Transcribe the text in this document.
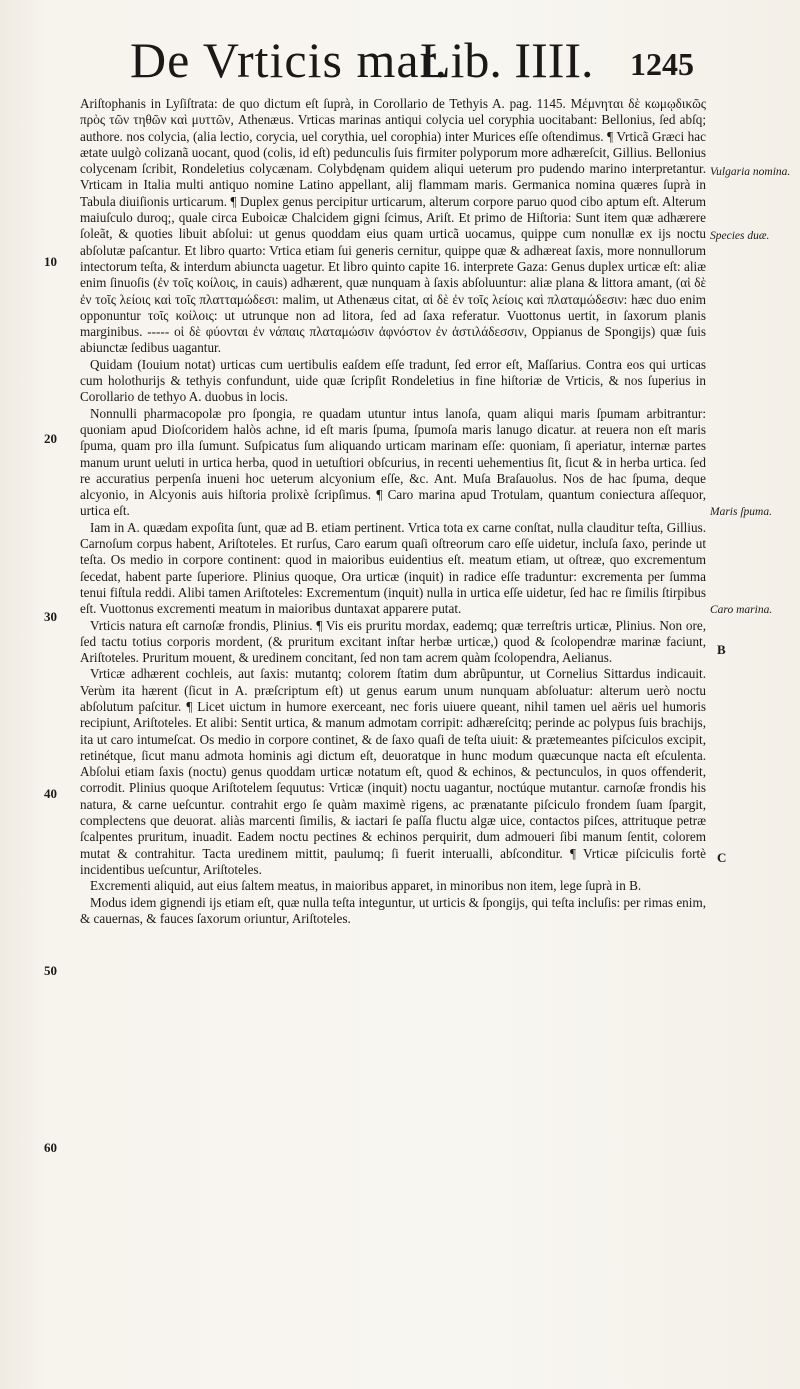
De Vrticis mar.
Lib. IIII. 1245

Ariſtophanis in Lyſiſtrata: de quo dictum eſt ſuprà, in Corollario de Tethyis A. pag. 1145. Μέμνηται δὲ κωμῳδικῶς πρὸς τῶν τηθῶν καὶ μυττῶν, Athenæus. Vrticas marinas antiqui colycia uel coryphia uocitabant: Bellonius, ſed abſq; authore. nos colycia, (alia lectio, corycia, uel corythia, uel corophia) inter Murices eſſe oſtendimus. ¶ Vrticã Græci hac ætate uulgò colizanã uocant, quod (colis, id eſt) pedunculis ſuis firmiter polyporum more adhæreſcit, Gillius. Bellonius colycenam ſcribit, Rondeletius colycænam. Colybdęnam quidem aliqui ueterum pro pudendo marino interpretantur. Vrticam in Italia multi antiquo nomine Latino appellant, alij flammam maris. Germanica nomina quæres ſuprà in Tabula diuiſionis urticarum. ¶ Duplex genus percipitur urticarum, alterum corpore paruo quod cibo aptum eſt. Alterum maiuſculo duroq;, quale circa Euboicæ Chalcidem gigni ſcimus, Ariſt. Et primo de Hiſtoria: Sunt item quæ adhærere ſoleãt, & quoties libuit abſolui: ut genus quoddam eius quam urticã uocamus, quippe cum nonullæ ex ijs noctu abſolutæ paſcantur. Et libro quarto: Vrtica etiam ſui generis cernitur, quippe quæ & adhæreat ſaxis, more nonnullorum intectorum teſta, & interdum abiuncta uagetur. Et libro quinto capite 16. interprete Gaza: Genus duplex urticæ eſt: aliæ enim ſinuoſis (ἐν τοῖς κοίλοις, in cauis) adhærent, quæ nunquam à ſaxis abſoluuntur: aliæ plana & littora amant, (αἱ δὲ ἐν τοῖς λείοις καὶ τοῖς πλατταμώδεσι: malim, ut Athenæus citat, αἱ δὲ ἐν τοῖς λείοις καὶ πλαταμώδεσιν: hæc duo enim opponuntur τοῖς κοίλοις: ut utrunque non ad litora, ſed ad ſaxa referatur. Vuottonus uertit, in ſaxorum planis marginibus. ----- οἱ δὲ φύονται ἐν νάπαις πλαταμώσιν ἀφνόστον ἐν ἀστιλάδεσσιν, Oppianus de Spongijs) quæ ſuis abiunctæ ſedibus uagantur.

Quidam (Iouium notat) urticas cum uertibulis eaſdem eſſe tradunt, ſed error eſt, Maſſarius. Contra eos qui urticas cum holothurijs & tethyis confundunt, uide quæ ſcripſit Rondeletius in fine hiſtoriæ de Vrticis, & nos ſuperius in Corollario de tethyo A. duobus in locis.

Nonnulli pharmacopolæ pro ſpongia, re quadam utuntur intus lanoſa, quam aliqui maris ſpumam arbitrantur: quoniam apud Dioſcoridem halòs achne, id eſt maris ſpuma, ſpumoſa maris lanugo dicatur. at reuera non eſt maris ſpuma, quam pro illa ſumunt. Suſpicatus ſum aliquando urticam marinam eſſe: quoniam, ſi aperiatur, internæ partes manum urunt ueluti in urtica herba, quod in uetuſtiori obſcurius, in recenti uehementius ſit, ſicut & in herba urtica. ſed re accuratius perpenſa inueni hoc ueterum alcyonium eſſe, &c. Ant. Muſa Braſauolus. Nos de hac ſpuma, deque alcyonio, in Alcyonis auis hiſtoria prolixè ſcripſimus. ¶ Caro marina apud Trotulam, quantum coniectura aſſequor, urtica eſt.

Iam in A. quædam expoſita ſunt, quæ ad B. etiam pertinent. Vrtica tota ex carne conſtat, nulla clauditur teſta, Gillius. Carnoſum corpus habent, Ariſtoteles. Et rurſus, Caro earum quaſi oſtreorum caro eſſe uidetur, incluſa ſaxo, perinde ut teſta. Os medio in corpore continent: quod in maioribus euidentius eſt. meatum etiam, ut oſtreæ, quo excrementum ſecedat, habent parte ſuperiore. Plinius quoque, Ora urticæ (inquit) in radice eſſe traduntur: excrementa per ſumma tenui fiſtula reddi. Alibi tamen Ariſtoteles: Excrementum (inquit) nulla in urtica eſſe uidetur, ſed hac re ſimilis ſtirpibus eſt. Vuottonus excrementi meatum in maioribus duntaxat apparere putat.

Vrticis natura eſt carnoſæ frondis, Plinius. ¶ Vis eis pruritu mordax, eademq; quæ terreſtris urticæ, Plinius. Non ore, ſed tactu totius corporis mordent, (& pruritum excitant inſtar herbæ urticæ,) quod & ſcolopendræ marinæ faciunt, Ariſtoteles. Pruritum mouent, & uredinem concitant, ſed non tam acrem quàm ſcolopendra, Aelianus.

Vrticæ adhærent cochleis, aut ſaxis: mutantq; colorem ſtatim dum abrũpuntur, ut Cornelius Sittardus indicauit. Verùm ita hærent (ſicut in A. præſcriptum eſt) ut genus earum unum nunquam abſoluatur: alterum uerò noctu abſolutum paſcitur. ¶ Licet uictum in humore exerceant, nec foris uiuere queant, nihil tamen uel aëris uel humoris recipiunt, Ariſtoteles. Et alibi: Sentit urtica, & manum admotam corripit: adhæreſcitq; perinde ac polypus ſuis brachijs, ita ut caro intumeſcat. Os medio in corpore continet, & de ſaxo quaſi de teſta uiuit: & prætemeantes piſciculos excipit, retinétque, ſicut manu admota hominis agi dictum eſt, deuoratque in hunc modum quæcunque nacta eſt eſculenta. Abſolui etiam ſaxis (noctu) genus quoddam urticæ notatum eſt, quod & echinos, & pectunculos, in quos offenderit, corrodit. Plinius quoque Ariſtotelem ſequutus: Vrticæ (inquit) noctu uagantur, noctúque mutantur. carnoſæ frondis his natura, & carne ueſcuntur. contrahit ergo ſe quàm maximè rigens, ac prænatante piſciculo frondem ſuam ſpargit, complectens que deuorat. aliàs marcenti ſimilis, & iactari ſe paſſa fluctu algæ uice, contactos piſces, attrituque petræ ſcalpentes pruritum, inuadit. Eadem noctu pectines & echinos perquirit, dum admoueri ſibi manum ſentit, colorem mutat & contrahitur. Tacta uredinem mittit, paulumq; ſi fuerit interualli, abſconditur. ¶ Vrticæ piſciculis fortè incidentibus ueſcuntur, Ariſtoteles.

Excrementi aliquid, aut eius ſaltem meatus, in maioribus apparet, in minoribus non item, lege ſuprà in B.

Modus idem gignendi ijs etiam eſt, quæ nulla teſta integuntur, ut urticis & ſpongijs, qui teſta incluſis: per rimas enim, & cauernas, & fauces ſaxorum oriuntur, Ariſtoteles.

10
20
30
40
50
60
Vulgaria nomina.
Species duæ.
Maris ſpuma.
Caro marina.
B
C
